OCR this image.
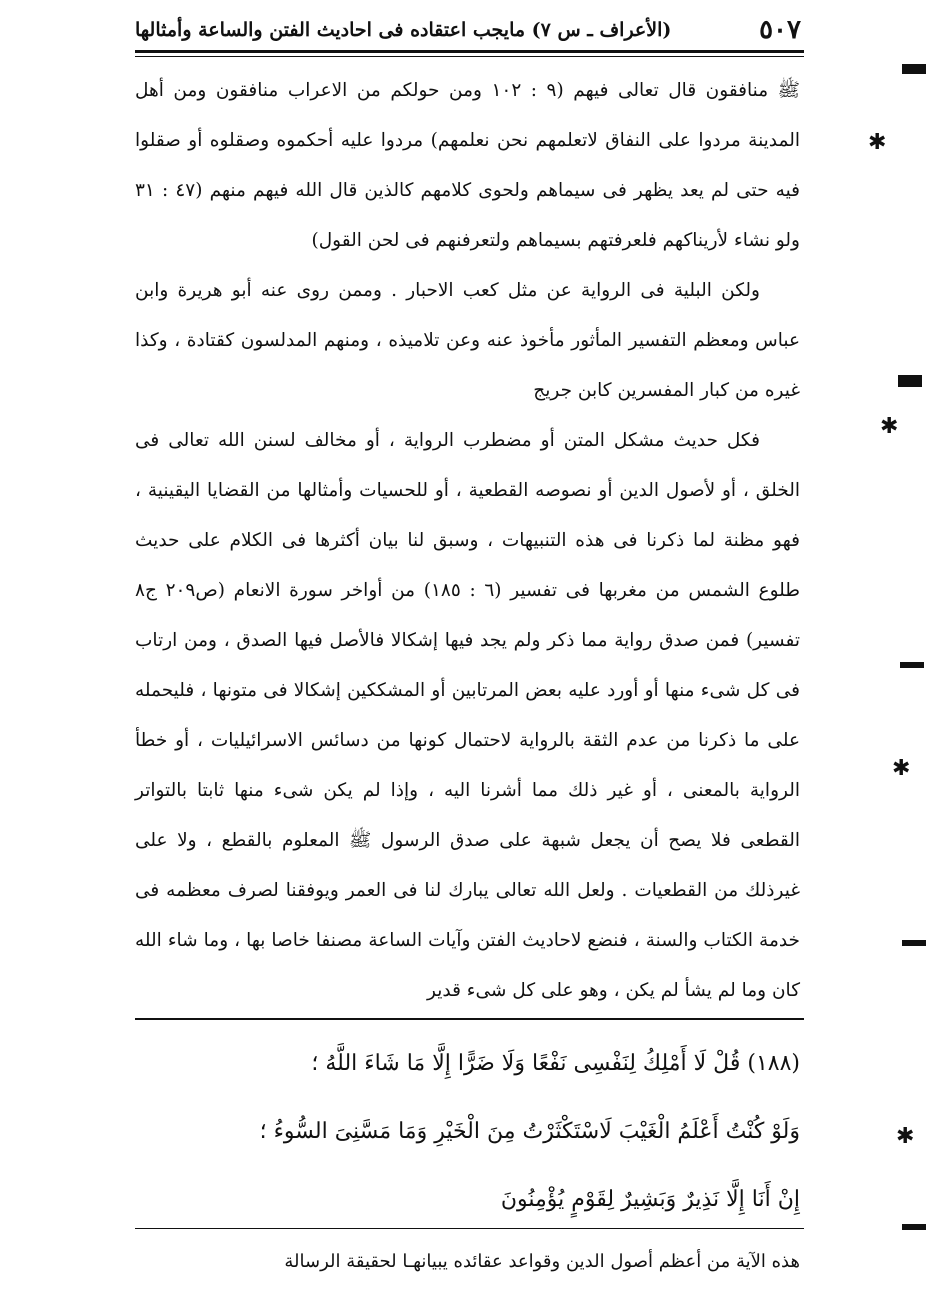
٥٠٧
(الأعراف ـ س ٧) مايجب اعتقاده فى احاديث الفتن والساعة وأمثالها

ﷺ منافقون قال تعالى فيهم (٩ : ١٠٢ ومن حولكم من الاعراب منافقون ومن أهل المدينة مردوا على النفاق لاتعلمهم نحن نعلمهم) مردوا عليه أحكموه وصقلوه أو صقلوا فيه حتى لم يعد يظهر فى سيماهم ولحوى كلامهم كالذين قال الله فيهم منهم (٤٧ : ٣١ ولو نشاء لأريناكهم فلعرفتهم بسيماهم ولتعرفنهم فى لحن القول)

ولكن البلية فى الرواية عن مثل كعب الاحبار . وممن روى عنه أبو هريرة وابن عباس ومعظم التفسير المأثور مأخوذ عنه وعن تلاميذه ، ومنهم المدلسون كقتادة ، وكذا غيره من كبار المفسرين كابن جريج

فكل حديث مشكل المتن أو مضطرب الرواية ، أو مخالف لسنن الله تعالى فى الخلق ، أو لأصول الدين أو نصوصه القطعية ، أو للحسيات وأمثالها من القضايا اليقينية ، فهو مظنة لما ذكرنا فى هذه التنبيهات ، وسبق لنا بيان أكثرها فى الكلام على حديث طلوع الشمس من مغربها فى تفسير (٦ : ١٨٥) من أواخر سورة الانعام (ص٢٠٩ ج٨ تفسير) فمن صدق رواية مما ذكر ولم يجد فيها إشكالا فالأصل فيها الصدق ، ومن ارتاب فى كل شىء منها أو أورد عليه بعض المرتابين أو المشككين إشكالا فى متونها ، فليحمله على ما ذكرنا من عدم الثقة بالرواية لاحتمال كونها من دسائس الاسرائيليات ، أو خطأ الرواية بالمعنى ، أو غير ذلك مما أشرنا اليه ، وإذا لم يكن شىء منها ثابتا بالتواتر القطعى فلا يصح أن يجعل شبهة على صدق الرسول ﷺ المعلوم بالقطع ، ولا على غيرذلك من القطعيات . ولعل الله تعالى يبارك لنا فى العمر ويوفقنا لصرف معظمه فى خدمة الكتاب والسنة ، فنضع لاحاديث الفتن وآيات الساعة مصنفا خاصا بها ، وما شاء الله كان وما لم يشأ لم يكن ، وهو على كل شىء قدير

(١٨٨) قُلْ لَا أَمْلِكُ لِنَفْسِى نَفْعًا وَلَا ضَرًّا إِلَّا مَا شَاءَ اللَّهُ ؛
وَلَوْ كُنْتُ أَعْلَمُ الْغَيْبَ لَاسْتَكْثَرْتُ مِنَ الْخَيْرِ وَمَا مَسَّنِىَ السُّوءُ ؛
إِنْ أَنَا إِلَّا نَذِيرٌ وَبَشِيرٌ لِقَوْمٍ يُؤْمِنُونَ
هذه الآية من أعظم أصول الدين وقواعد عقائده يبيانهـا لحقيقة الرسالة
✱
✱
✱
✱
